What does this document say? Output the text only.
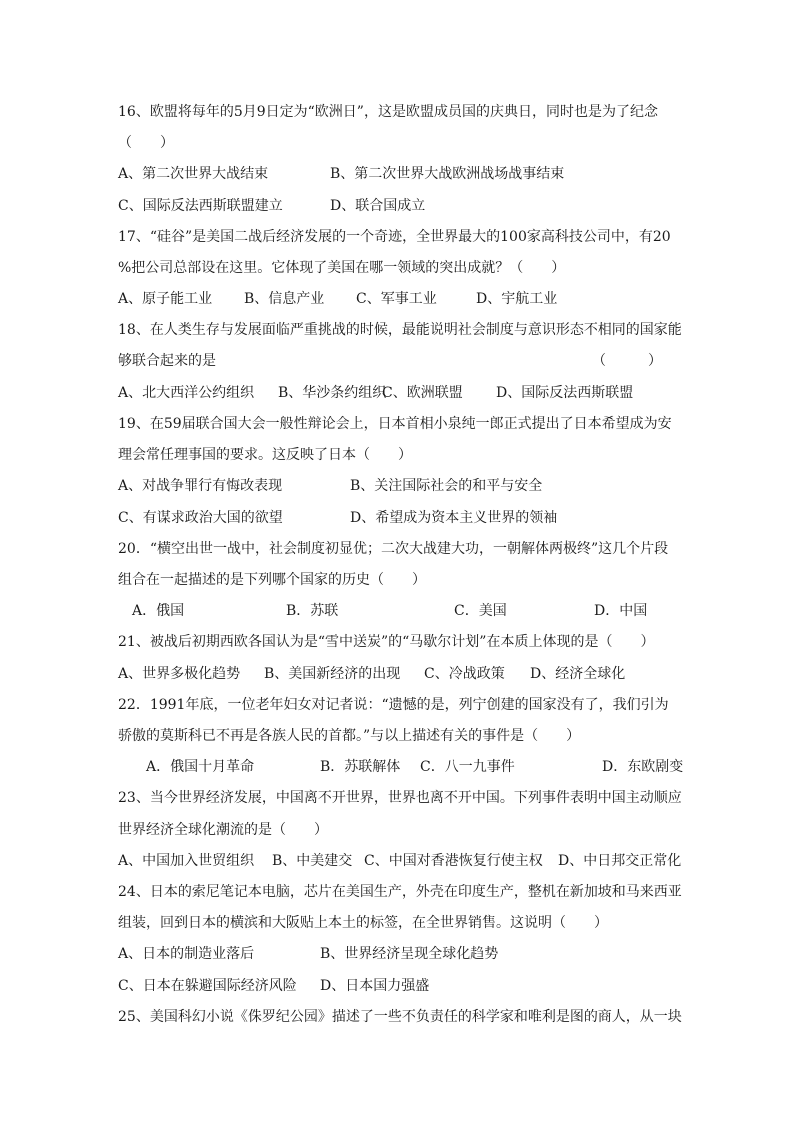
16、欧盟将每年的5月9日定为“欧洲日”，这是欧盟成员国的庆典日，同时也是为了纪念
（　　）

A、第二次世界大战结束

	B、第二次世界大战欧洲战场战事结束

C、国际反法西斯联盟建立

	D、联合国成立

17、“硅谷”是美国二战后经济发展的一个奇迹，全世界最大的100家高科技公司中，有20
%把公司总部设在这里。它体现了美国在哪一领域的突出成就？（　　）

A、原子能工业

B、信息产业

C、军事工业

	D、宇航工业

18、在人类生存与发展面临严重挑战的时候，最能说明社会制度与意识形态不相同的国家能

够联合起来的是

	（　　　）

A、北大西洋公约组织

B、华沙条约组织

C、欧洲联盟

D、国际反法西斯联盟

19、在59届联合国大会一般性辩论会上，日本首相小泉纯一郎正式提出了日本希望成为安
理会常任理事国的要求。这反映了日本（　　）

A、对战争罪行有悔改表现

	B、关注国际社会的和平与安全

C、有谋求政治大国的欲望

	D、希望成为资本主义世界的领袖

20．“横空出世一战中，社会制度初显优；二次大战建大功，一朝解体两极终”这几个片段
组合在一起描述的是下列哪个国家的历史（　　）

A．俄国

	B．苏联

	C．美国

	D．中国

21、被战后初期西欧各国认为是“雪中送炭”的“马歇尔计划”在本质上体现的是（　　）

A、世界多极化趋势

B、美国新经济的出现

C、冷战政策

D、经济全球化

22．1991年底，一位老年妇女对记者说：“遗憾的是，列宁创建的国家没有了，我们引为
骄傲的莫斯科已不再是各族人民的首都。”与以上描述有关的事件是（　　）

A．俄国十月革命

	B．苏联解体

C．八一九事件

	D．东欧剧变

23、当今世界经济发展，中国离不开世界，世界也离不开中国。下列事件表明中国主动顺应
世界经济全球化潮流的是（　　）

A、中国加入世贸组织

B、中美建交

C、中国对香港恢复行使主权

D、中日邦交正常化

24、日本的索尼笔记本电脑，芯片在美国生产，外壳在印度生产，整机在新加坡和马来西亚
组装，回到日本的横滨和大阪贴上本土的标签，在全世界销售。这说明（　　）

A、日本的制造业落后

	B、世界经济呈现全球化趋势

C、日本在躲避国际经济风险

D、日本国力强盛

25、美国科幻小说《侏罗纪公园》描述了一些不负责任的科学家和唯利是图的商人，从一块
